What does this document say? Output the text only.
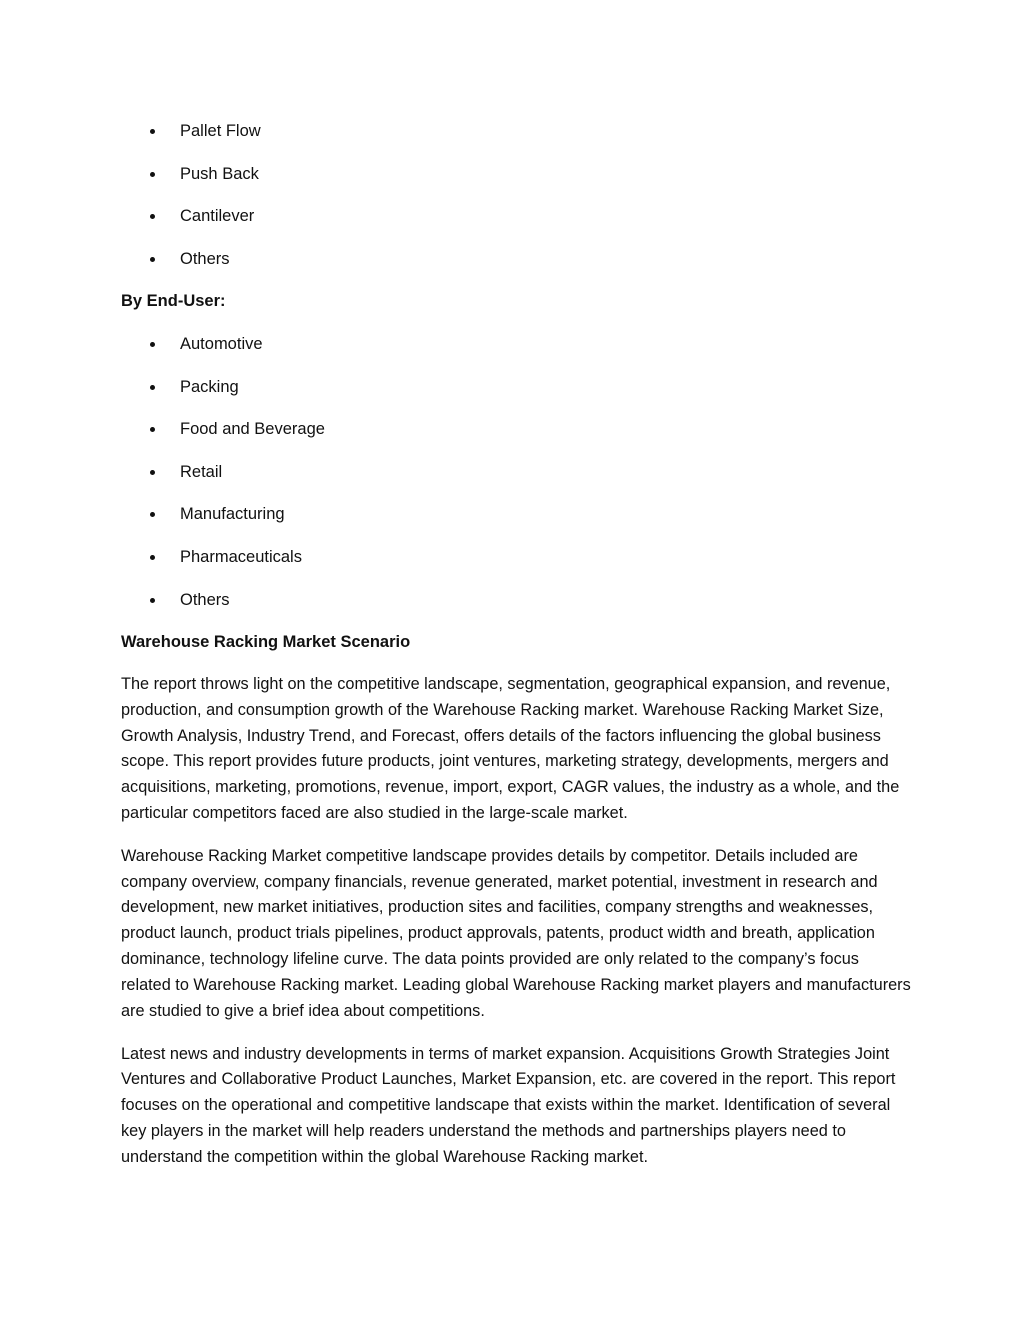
Pallet Flow
Push Back
Cantilever
Others

By End-User:

Automotive
Packing
Food and Beverage
Retail
Manufacturing
Pharmaceuticals
Others

Warehouse Racking Market Scenario

The report throws light on the competitive landscape, segmentation, geographical expansion, and revenue, production, and consumption growth of the Warehouse Racking market. Warehouse Racking Market Size, Growth Analysis, Industry Trend, and Forecast, offers details of the factors influencing the global business scope. This report provides future products, joint ventures, marketing strategy, developments, mergers and acquisitions, marketing, promotions, revenue, import, export, CAGR values, the industry as a whole, and the particular competitors faced are also studied in the large-scale market.

Warehouse Racking Market competitive landscape provides details by competitor. Details included are company overview, company financials, revenue generated, market potential, investment in research and development, new market initiatives, production sites and facilities, company strengths and weaknesses, product launch, product trials pipelines, product approvals, patents, product width and breath, application dominance, technology lifeline curve. The data points provided are only related to the company’s focus related to Warehouse Racking market. Leading global Warehouse Racking market players and manufacturers are studied to give a brief idea about competitions.

Latest news and industry developments in terms of market expansion. Acquisitions Growth Strategies Joint Ventures and Collaborative Product Launches, Market Expansion, etc. are covered in the report. This report focuses on the operational and competitive landscape that exists within the market. Identification of several key players in the market will help readers understand the methods and partnerships players need to understand the competition within the global Warehouse Racking market.
